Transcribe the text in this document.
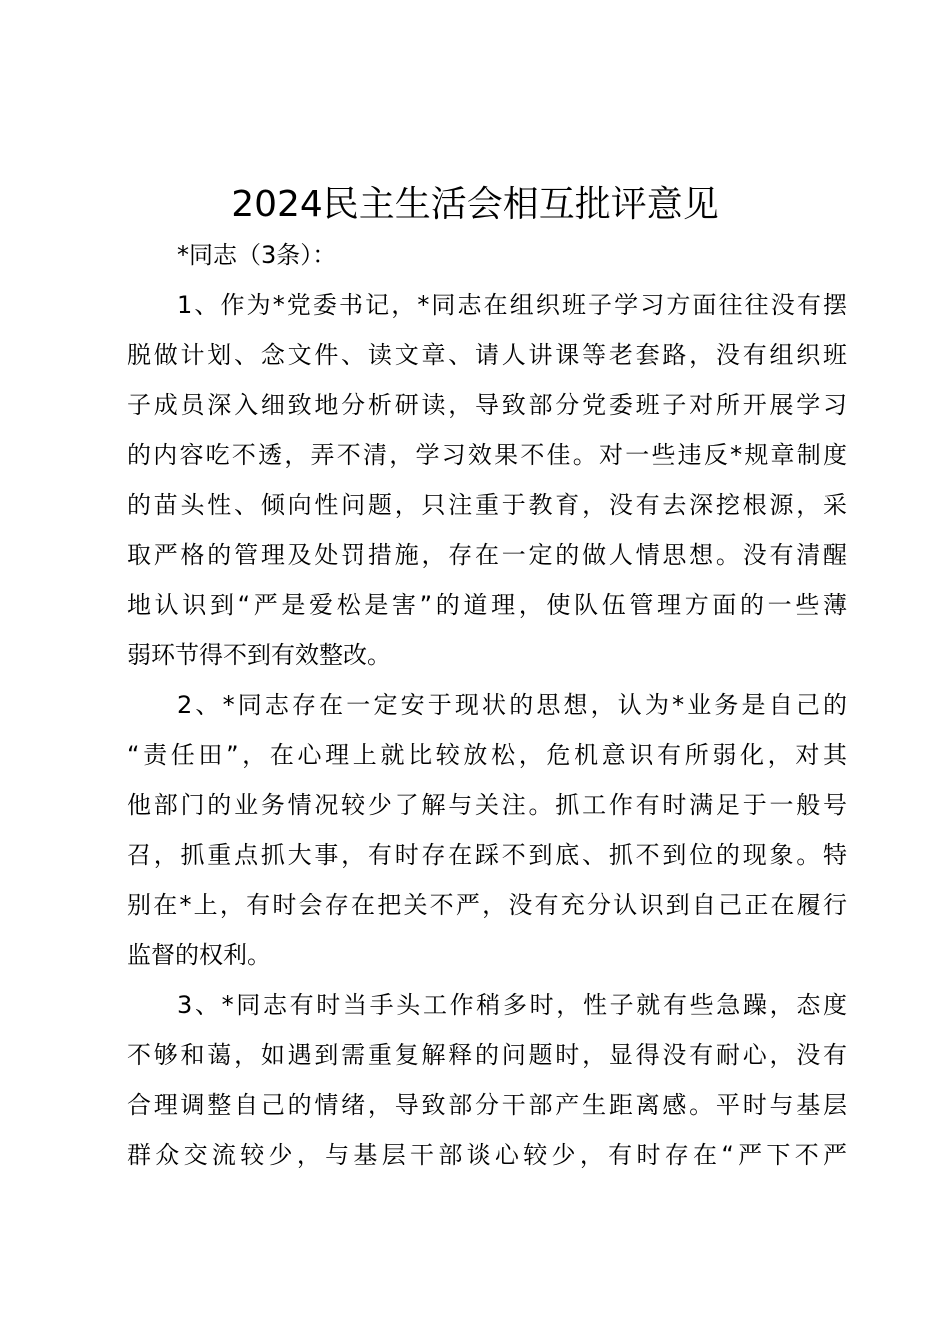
2024民主生活会相互批评意见

*同志（3条）：

1、作为*党委书记，*同志在组织班子学习方面往往没有摆
脱做计划、念文件、读文章、请人讲课等老套路，没有组织班
子成员深入细致地分析研读，导致部分党委班子对所开展学习
的内容吃不透，弄不清，学习效果不佳。对一些违反*规章制度
的苗头性、倾向性问题，只注重于教育，没有去深挖根源，采
取严格的管理及处罚措施，存在一定的做人情思想。没有清醒
地认识到“严是爱松是害”的道理，使队伍管理方面的一些薄
弱环节得不到有效整改。

2、*同志存在一定安于现状的思想，认为*业务是自己的
“责任田”，在心理上就比较放松，危机意识有所弱化，对其
他部门的业务情况较少了解与关注。抓工作有时满足于一般号
召，抓重点抓大事，有时存在踩不到底、抓不到位的现象。特
别在*上，有时会存在把关不严，没有充分认识到自己正在履行
监督的权利。

3、*同志有时当手头工作稍多时，性子就有些急躁，态度
不够和蔼，如遇到需重复解释的问题时，显得没有耐心，没有
合理调整自己的情绪，导致部分干部产生距离感。平时与基层
群众交流较少，与基层干部谈心较少，有时存在“严下不严
